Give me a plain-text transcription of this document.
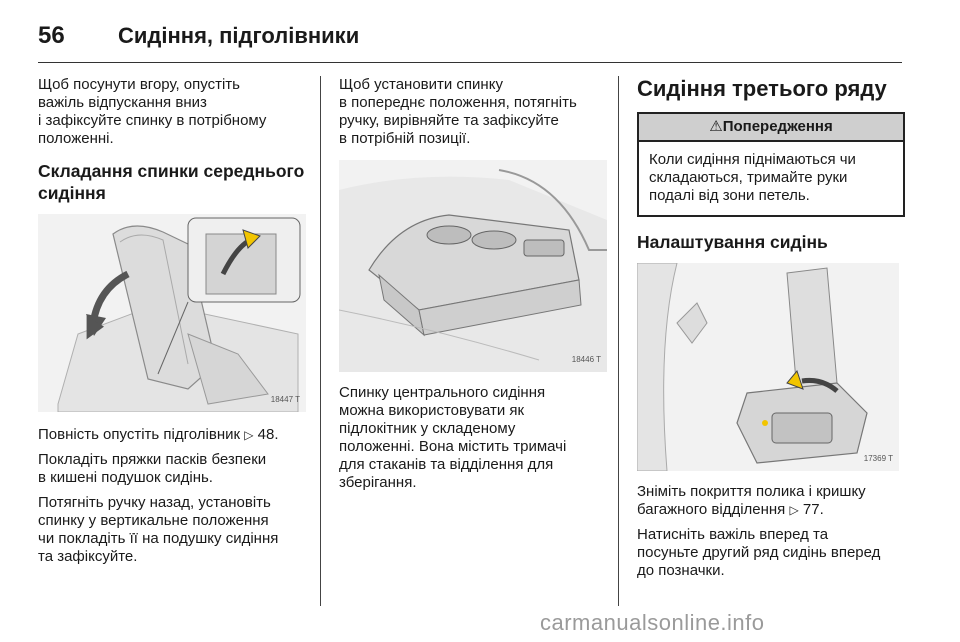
56	Сидіння, підголівники

Щоб посунути вгору, опустіть
важіль відпускання вниз
і зафіксуйте спинку в потрібному
положенні.

Складання спинки середнього
сидіння
18447 T

Повність опустіть підголівник ▷ 48.

Покладіть пряжки пасків безпеки
в кишені подушок сидінь.

Потягніть ручку назад, установіть
спинку у вертикальне положення
чи покладіть її на подушку сидіння
та зафіксуйте.

Щоб установити спинку
в попереднє положення, потягніть
ручку, вирівняйте та зафіксуйте
в потрібній позиції.

18446 T

Спинку центрального сидіння
можна використовувати як
підлокітник у складеному
положенні. Вона містить тримачі
для стаканів та відділення для
зберігання.

Сидіння третього ряду
⚠Попередження
Коли сидіння піднімаються чи
складаються, тримайте руки
подалі від зони петель.
Налаштування сидінь
17369 T

Зніміть покриття полика і кришку
багажного відділення ▷ 77.

Натисніть важіль вперед та
посуньте другий ряд сидінь вперед
до позначки.

carmanualsonline.info
